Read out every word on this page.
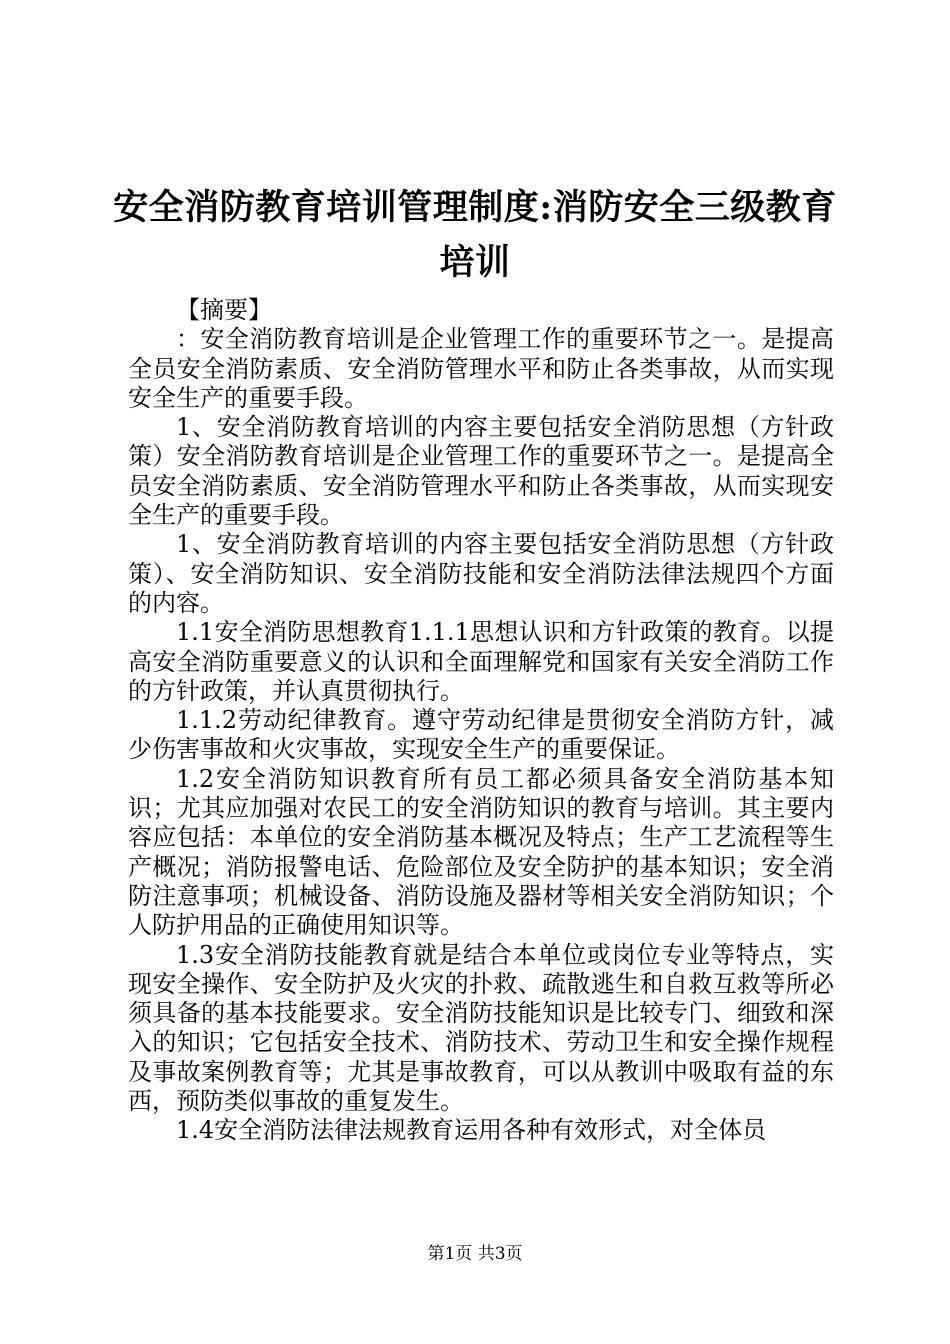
安全消防教育培训管理制度:消防安全三级教育培训

【摘要】

：安全消防教育培训是企业管理工作的重要环节之一。是提高全员安全消防素质、安全消防管理水平和防止各类事故，从而实现安全生产的重要手段。

1、安全消防教育培训的内容主要包括安全消防思想（方针政策）安全消防教育培训是企业管理工作的重要环节之一。是提高全员安全消防素质、安全消防管理水平和防止各类事故，从而实现安全生产的重要手段。

1、安全消防教育培训的内容主要包括安全消防思想（方针政策）、安全消防知识、安全消防技能和安全消防法律法规四个方面的内容。

1.1安全消防思想教育1.1.1思想认识和方针政策的教育。以提高安全消防重要意义的认识和全面理解党和国家有关安全消防工作的方针政策，并认真贯彻执行。

1.1.2劳动纪律教育。遵守劳动纪律是贯彻安全消防方针，减少伤害事故和火灾事故，实现安全生产的重要保证。

1.2安全消防知识教育所有员工都必须具备安全消防基本知识；尤其应加强对农民工的安全消防知识的教育与培训。其主要内容应包括：本单位的安全消防基本概况及特点；生产工艺流程等生产概况；消防报警电话、危险部位及安全防护的基本知识；安全消防注意事项；机械设备、消防设施及器材等相关安全消防知识；个人防护用品的正确使用知识等。

1.3安全消防技能教育就是结合本单位或岗位专业等特点，实现安全操作、安全防护及火灾的扑救、疏散逃生和自救互救等所必须具备的基本技能要求。安全消防技能知识是比较专门、细致和深入的知识；它包括安全技术、消防技术、劳动卫生和安全操作规程及事故案例教育等；尤其是事故教育，可以从教训中吸取有益的东西，预防类似事故的重复发生。

1.4安全消防法律法规教育运用各种有效形式，对全体员

第1页 共3页
